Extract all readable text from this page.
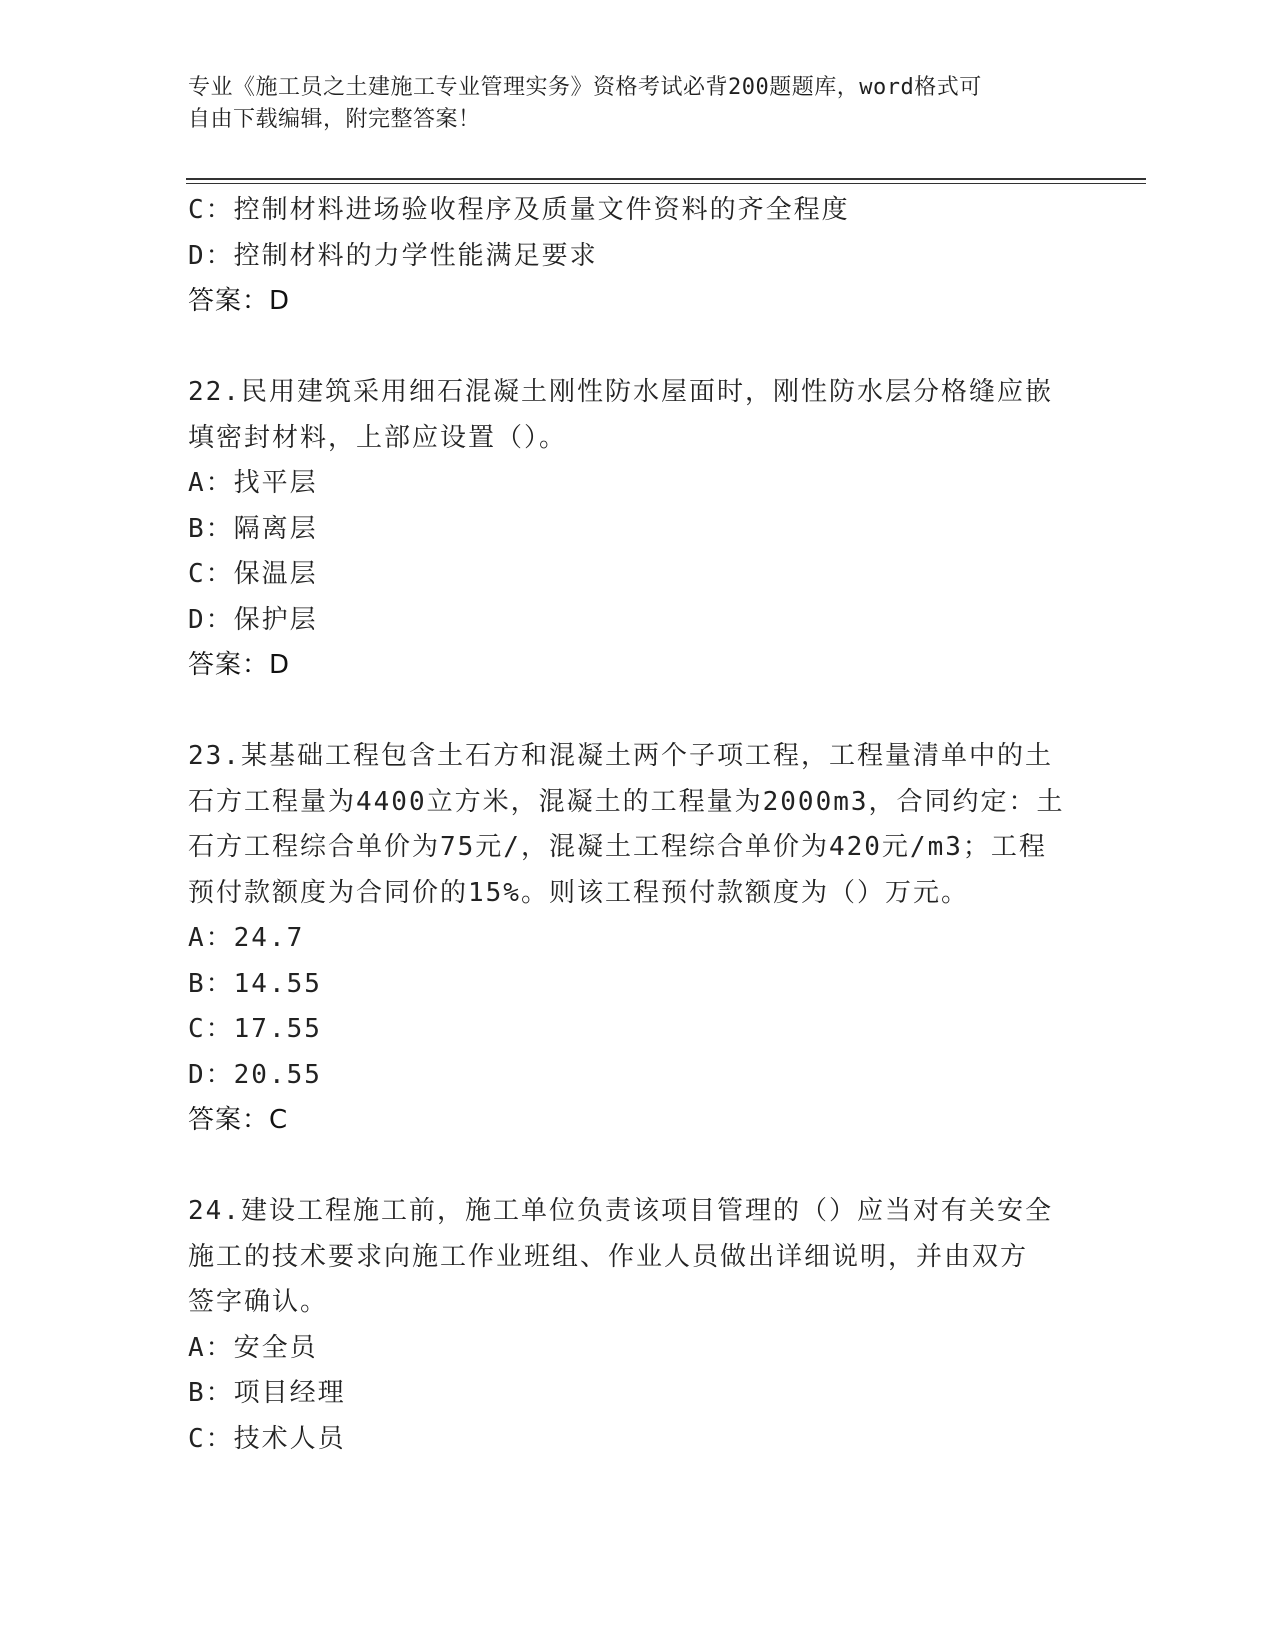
专业《施工员之土建施工专业管理实务》资格考试必背200题题库，word格式可
自由下载编辑，附完整答案！
C：控制材料进场验收程序及质量文件资料的齐全程度
D：控制材料的力学性能满足要求
答案：D
22.民用建筑采用细石混凝土刚性防水屋面时，刚性防水层分格缝应嵌
填密封材料，上部应设置（）。
A：找平层
B：隔离层
C：保温层
D：保护层
答案：D
23.某基础工程包含土石方和混凝土两个子项工程，工程量清单中的土
石方工程量为4400立方米，混凝土的工程量为2000m3，合同约定：土
石方工程综合单价为75元/，混凝土工程综合单价为420元/m3；工程
预付款额度为合同价的15%。则该工程预付款额度为（）万元。
A：24.7
B：14.55
C：17.55
D：20.55
答案：C
24.建设工程施工前，施工单位负责该项目管理的（）应当对有关安全
施工的技术要求向施工作业班组、作业人员做出详细说明，并由双方
签字确认。
A：安全员
B：项目经理
C：技术人员
